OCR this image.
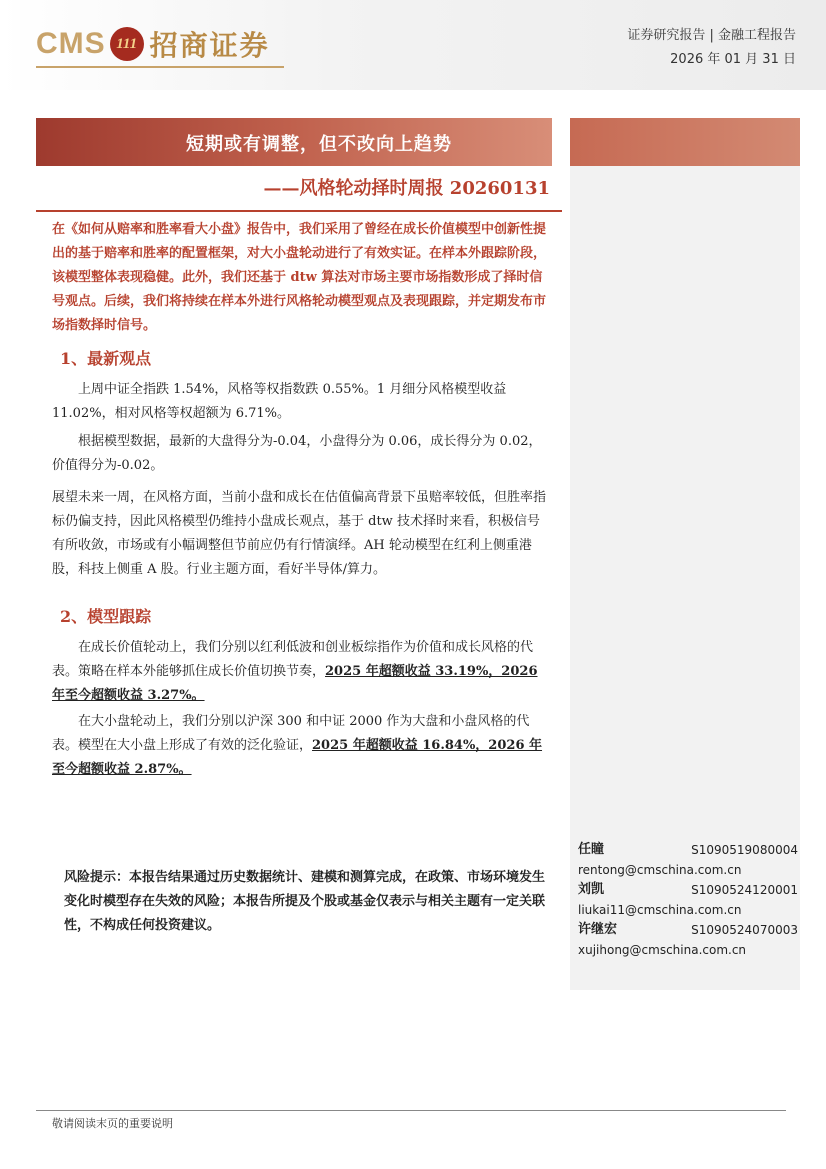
CMS 111 招商证券	证券研究报告 | 金融工程报告
2026 年 01 月 31 日
短期或有调整，但不改向上趋势
——风格轮动择时周报 20260131
在《如何从赔率和胜率看大小盘》报告中，我们采用了曾经在成长价值模型中创新性提出的基于赔率和胜率的配置框架，对大小盘轮动进行了有效实证。在样本外跟踪阶段，该模型整体表现稳健。此外，我们还基于 dtw 算法对市场主要市场指数形成了择时信号观点。后续，我们将持续在样本外进行风格轮动模型观点及表现跟踪，并定期发布市场指数择时信号。
1、最新观点
上周中证全指跌 1.54%，风格等权指数跌 0.55%。1 月细分风格模型收益 11.02%，相对风格等权超额为 6.71%。
根据模型数据，最新的大盘得分为-0.04，小盘得分为 0.06，成长得分为 0.02，价值得分为-0.02。
展望未来一周，在风格方面，当前小盘和成长在估值偏高背景下虽赔率较低，但胜率指标仍偏支持，因此风格模型仍维持小盘成长观点，基于 dtw 技术择时来看，积极信号有所收敛，市场或有小幅调整但节前应仍有行情演绎。AH 轮动模型在红利上侧重港股，科技上侧重 A 股。行业主题方面，看好半导体/算力。
2、模型跟踪
在成长价值轮动上，我们分别以红利低波和创业板综指作为价值和成长风格的代表。策略在样本外能够抓住成长价值切换节奏，2025 年超额收益 33.19%，2026 年至今超额收益 3.27%。
在大小盘轮动上，我们分别以沪深 300 和中证 2000 作为大盘和小盘风格的代表。模型在大小盘上形成了有效的泛化验证，2025 年超额收益 16.84%，2026 年至今超额收益 2.87%。
风险提示：本报告结果通过历史数据统计、建模和测算完成，在政策、市场环境发生变化时模型存在失效的风险；本报告所提及个股或基金仅表示与相关主题有一定关联性，不构成任何投资建议。
任瞳	S1090519080004
rentong@cmschina.com.cn
刘凯	S1090524120001
liukai11@cmschina.com.cn
许继宏	S1090524070003
xujihong@cmschina.com.cn
敬请阅读末页的重要说明
